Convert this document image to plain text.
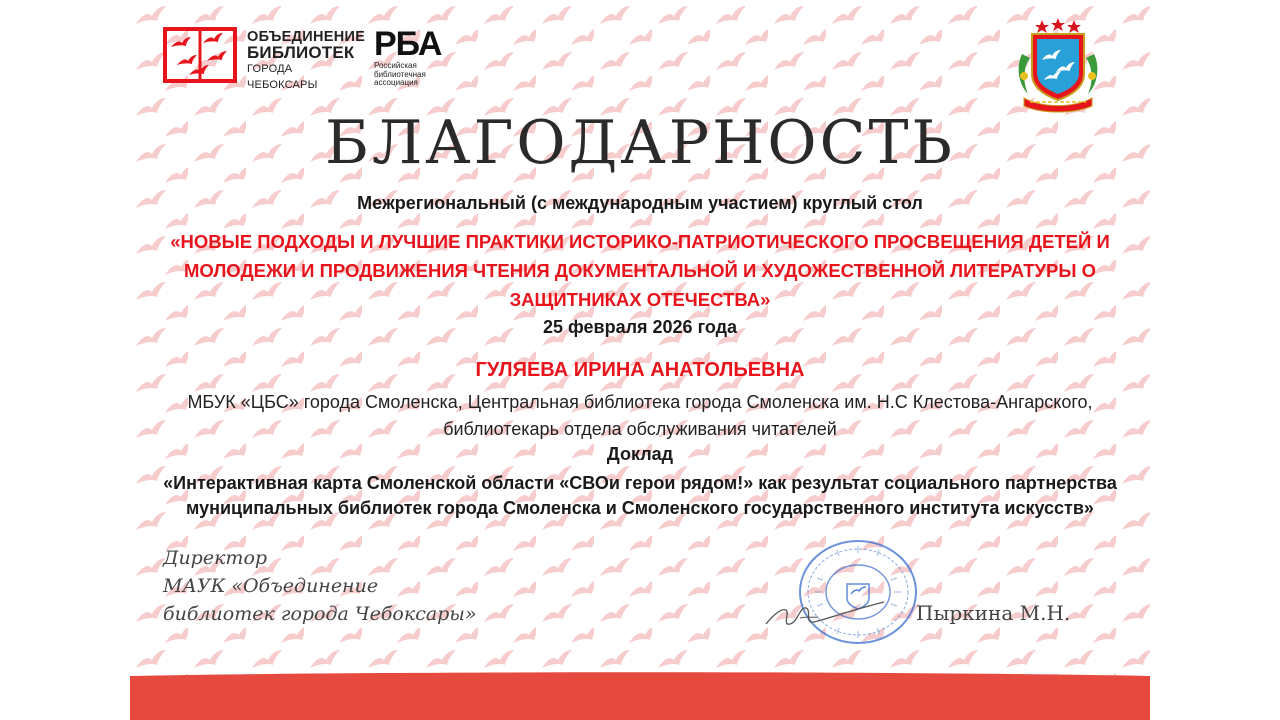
ОБЪЕДИНЕНИЕ
БИБЛИОТЕК
ГОРОДА ЧЕБОКСАРЫ
РБА
Российская
библиотечная
ассоциация
БЛАГОДАРНОСТЬ
Межрегиональный (с международным участием) круглый стол
«НОВЫЕ ПОДХОДЫ И ЛУЧШИЕ ПРАКТИКИ ИСТОРИКО-ПАТРИОТИЧЕСКОГО ПРОСВЕЩЕНИЯ ДЕТЕЙ И МОЛОДЕЖИ И ПРОДВИЖЕНИЯ ЧТЕНИЯ ДОКУМЕНТАЛЬНОЙ И ХУДОЖЕСТВЕННОЙ ЛИТЕРАТУРЫ О ЗАЩИТНИКАХ ОТЕЧЕСТВА»
25 февраля 2026 года
ГУЛЯЕВА ИРИНА АНАТОЛЬЕВНА
МБУК «ЦБС» города Смоленска, Центральная библиотека города Смоленска им. Н.С Клестова-Ангарского, библиотекарь отдела обслуживания читателей
Доклад
«Интерактивная карта Смоленской области «СВОи герои рядом!» как результат социального партнерства муниципальных библиотек города Смоленска и Смоленского государственного института искусств»
Директор
МАУК «Объединение
библиотек города Чебоксары»	Пыркина М.Н.
